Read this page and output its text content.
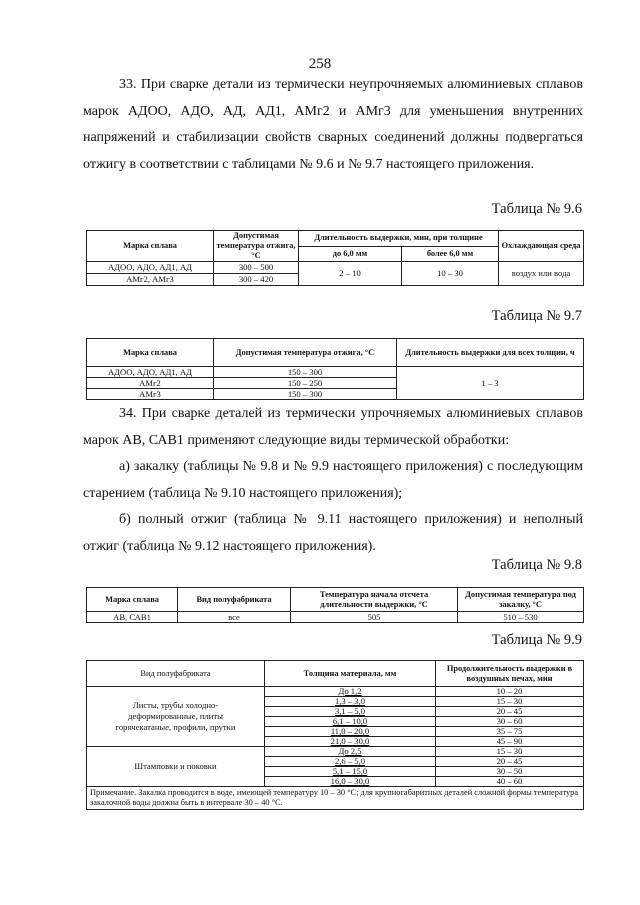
258

33. При сварке детали из термически неупрочняемых алюминиевых сплавов марок АДОО, АДО, АД, АД1, АМг2 и АМг3 для уменьшения внутренних напряжений и стабилизации свойств сварных соединений должны подвергаться отжигу в соответствии с таблицами № 9.6 и № 9.7 настоящего приложения.

Таблица № 9.6
Марка сплава	Допустимая температура отжига, °С	Длительность выдержки, мин, при толщине		Охлаждающая среда
		до 6,0 мм	более 6,0 мм	
АДОО, АДО, АД1, АД	300 – 500	2 – 10	10 – 30	воздух или вода
АМг2, АМг3	300 – 420			
Таблица № 9.7
Марка сплава	Допустимая температура отжига, °С	Длительность выдержки для всех толщин, ч
АДОО, АДО, АД1, АД	150 – 300	1 – 3
АМг2	150 – 250	
АМг3	150 – 300	

34. При сварке деталей из термически упрочняемых алюминиевых сплавов марок АВ, САВ1 применяют следующие виды термической обработки:

а) закалку (таблицы № 9.8 и № 9.9 настоящего приложения) с последующим старением (таблица № 9.10 настоящего приложения);

б) полный отжиг (таблица № 9.11 настоящего приложения) и неполный отжиг (таблица № 9.12 настоящего приложения).

Таблица № 9.8
Марка сплава	Вид полуфабриката	Температура начала отсчета длительности выдержки, °С	Допустимая температура под закалку, °С
АВ, САВ1	все	505	510 – 530
Таблица № 9.9
Вид полуфабриката	Толщина материала, мм	Продолжительность выдержки в воздушных печах, мин
Листы, трубы холодно-деформированные, плиты горячекатаные, профили, прутки	До 1,2	10 – 20
	1,3 – 3,0	15 – 30
	3,1 – 5,0	20 – 45
	6,1 – 10,0	30 – 60
	11,0 – 20,0	35 – 75
	21,0 – 30,0	45 – 90
Штамповки и поковки	До 2,5	15 – 30
	2,6 – 5,0	20 – 45
	5,1 – 15,0	30 – 50
	16,0 – 30,0	40 – 60
Примечание. Закалка проводится в воде, имеющей температуру 10 – 30 °С; для крупногабаритных деталей сложной формы температура закалочной воды должна быть в интервале 30 – 40 °С.		
